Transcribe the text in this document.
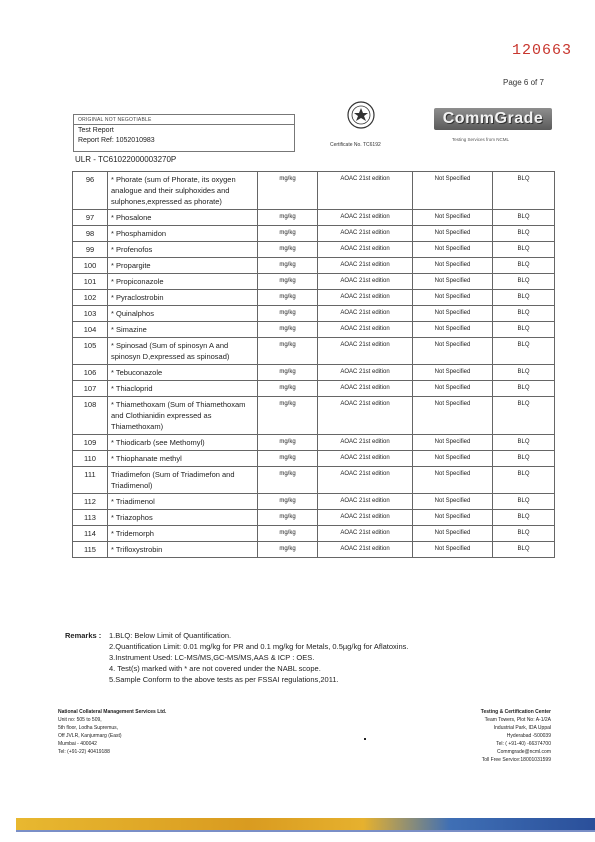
120663
Page 6 of 7
ORIGINAL NOT NEGOTIABLE
Test Report
Report Ref: 1052010983
Certificate No. TC6192
CommGrade
Testing Services from NCML
ULR - TC61022000003270P
96	* Phorate (sum of Phorate, its oxygen analogue and their sulphoxides and sulphones,expressed as phorate)	mg/kg	AOAC 21st edition	Not Specified	BLQ
97	* Phosalone	mg/kg	AOAC 21st edition	Not Specified	BLQ
98	* Phosphamidon	mg/kg	AOAC 21st edition	Not Specified	BLQ
99	* Profenofos	mg/kg	AOAC 21st edition	Not Specified	BLQ
100	* Propargite	mg/kg	AOAC 21st edition	Not Specified	BLQ
101	* Propiconazole	mg/kg	AOAC 21st edition	Not Specified	BLQ
102	* Pyraclostrobin	mg/kg	AOAC 21st edition	Not Specified	BLQ
103	* Quinalphos	mg/kg	AOAC 21st edition	Not Specified	BLQ
104	* Simazine	mg/kg	AOAC 21st edition	Not Specified	BLQ
105	* Spinosad (Sum of spinosyn A and spinosyn D,expressed as spinosad)	mg/kg	AOAC 21st edition	Not Specified	BLQ
106	* Tebuconazole	mg/kg	AOAC 21st edition	Not Specified	BLQ
107	* Thiacloprid	mg/kg	AOAC 21st edition	Not Specified	BLQ
108	* Thiamethoxam (Sum of Thiamethoxam and Clothianidin expressed as Thiamethoxam)	mg/kg	AOAC 21st edition	Not Specified	BLQ
109	* Thiodicarb (see Methomyl)	mg/kg	AOAC 21st edition	Not Specified	BLQ
110	* Thiophanate methyl	mg/kg	AOAC 21st edition	Not Specified	BLQ
111	Triadimefon (Sum of Triadimefon and Triadimenol)	mg/kg	AOAC 21st edition	Not Specified	BLQ
112	* Triadimenol	mg/kg	AOAC 21st edition	Not Specified	BLQ
113	* Triazophos	mg/kg	AOAC 21st edition	Not Specified	BLQ
114	* Tridemorph	mg/kg	AOAC 21st edition	Not Specified	BLQ
115	* Trifloxystrobin	mg/kg	AOAC 21st edition	Not Specified	BLQ
Remarks :	1.BLQ: Below Limit of Quantification.
2.Quantification Limit: 0.01 mg/kg for PR and 0.1 mg/kg for Metals, 0.5µg/kg for Aflatoxins.
3.Instrument Used: LC-MS/MS,GC-MS/MS,AAS & ICP : OES.
4. Test(s) marked with * are not covered under the NABL scope.
5.Sample Conform to the above tests as per FSSAI regulations,2011.
National Collateral Management Services Ltd.
Unit no: 505 to 509,
5th floor, Lodha Supremus,
Off JVLR, Kanjurmarg (East)
Mumbai - 400042
Tel: (+91-22) 40419188
Testing & Certification Center
Team Towers, Plot No: A-1/2A
Industrial Park, IDA Uppal
Hyderabad -500039
Tel: ( +91-40) -66374700
Commgrade@ncml.com
Toll Free Service:18001031599
